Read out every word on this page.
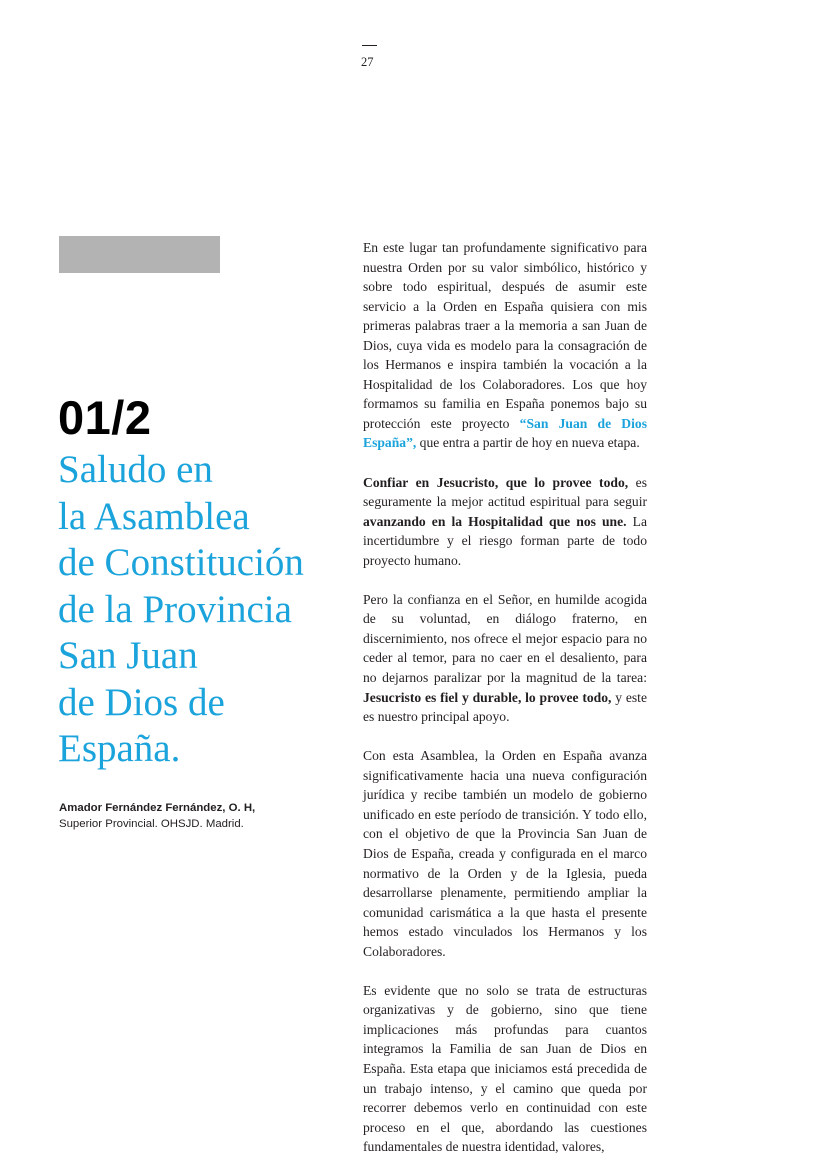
27
01/2
Saludo en
la Asamblea
de Constitución
de la Provincia
San Juan
de Dios de
España.
Amador Fernández Fernández, O. H,
Superior Provincial. OHSJD. Madrid.

En este lugar tan profundamente significativo para nuestra Orden por su valor simbólico, histórico y sobre todo espiritual, después de asumir este servicio a la Orden en España quisiera con mis primeras palabras traer a la memoria a san Juan de Dios, cuya vida es modelo para la consagración de los Hermanos e inspira también la vocación a la Hospitalidad de los Colaboradores. Los que hoy formamos su familia en España ponemos bajo su protección este proyecto “San Juan de Dios España”, que entra a partir de hoy en nueva etapa.

Confiar en Jesucristo, que lo provee todo, es seguramente la mejor actitud espiritual para seguir avanzando en la Hospitalidad que nos une. La incertidumbre y el riesgo forman parte de todo proyecto humano.

Pero la confianza en el Señor, en humilde acogida de su voluntad, en diálogo fraterno, en discernimiento, nos ofrece el mejor espacio para no ceder al temor, para no caer en el desaliento, para no dejarnos paralizar por la magnitud de la tarea: Jesucristo es fiel y durable, lo provee todo, y este es nuestro principal apoyo.

Con esta Asamblea, la Orden en España avanza significativamente hacia una nueva configuración jurídica y recibe también un modelo de gobierno unificado en este período de transición. Y todo ello, con el objetivo de que la Provincia San Juan de Dios de España, creada y configurada en el marco normativo de la Orden y de la Iglesia, pueda desarrollarse plenamente, permitiendo ampliar la comunidad carismática a la que hasta el presente hemos estado vinculados los Hermanos y los Colaboradores.

Es evidente que no solo se trata de estructuras organizativas y de gobierno, sino que tiene implicaciones más profundas para cuantos integramos la Familia de san Juan de Dios en España. Esta etapa que iniciamos está precedida de un trabajo intenso, y el camino que queda por recorrer debemos verlo en continuidad con este proceso en el que, abordando las cuestiones fundamentales de nuestra identidad, valores,
